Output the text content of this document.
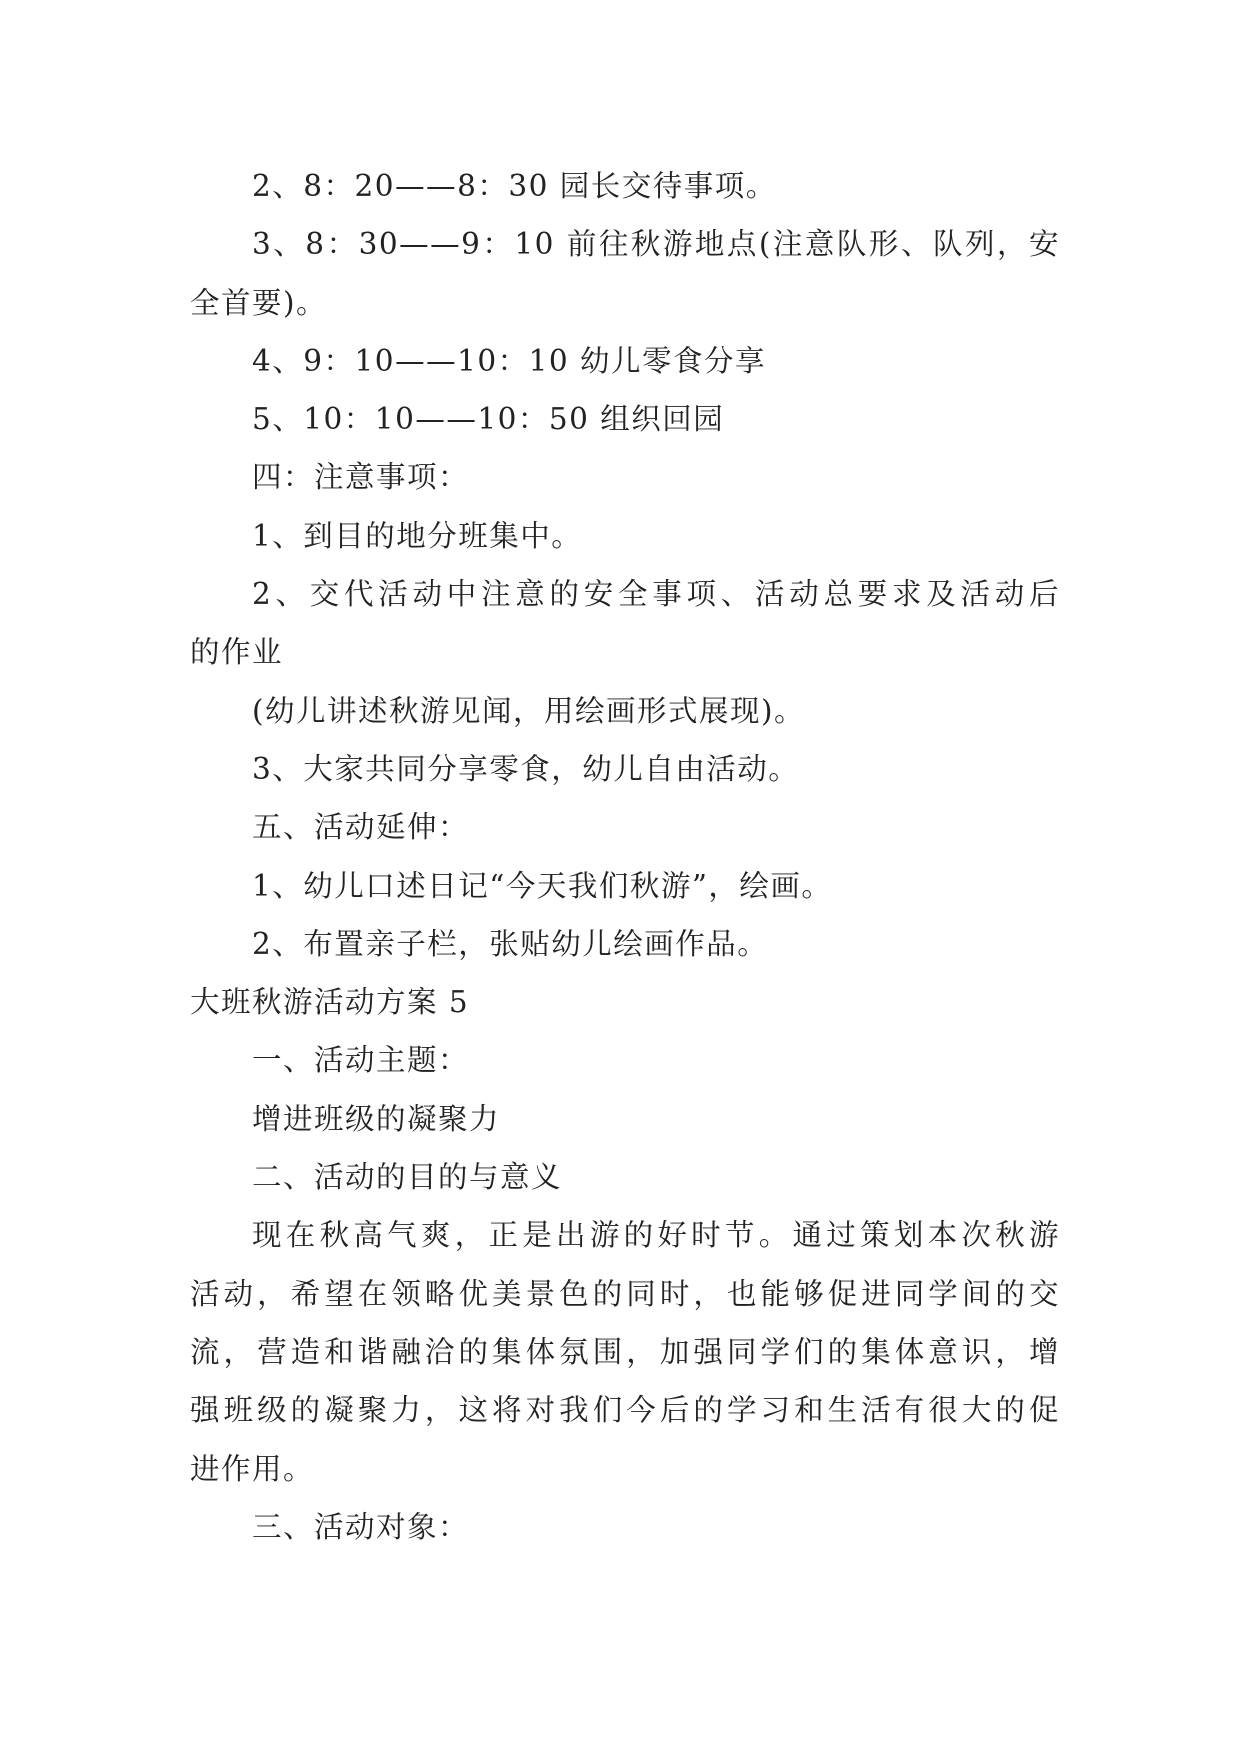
2、8：20——8：30 园长交待事项。
3、8：30——9：10 前往秋游地点(注意队形、队列，安
全首要)。
4、9：10——10：10 幼儿零食分享
5、10：10——10：50 组织回园
四：注意事项：
1、到目的地分班集中。
2、交代活动中注意的安全事项、活动总要求及活动后
的作业
(幼儿讲述秋游见闻，用绘画形式展现)。
3、大家共同分享零食，幼儿自由活动。
五、活动延伸：
1、幼儿口述日记“今天我们秋游”，绘画。
2、布置亲子栏，张贴幼儿绘画作品。
大班秋游活动方案 5
一、活动主题：
增进班级的凝聚力
二、活动的目的与意义
现在秋高气爽，正是出游的好时节。通过策划本次秋游
活动，希望在领略优美景色的同时，也能够促进同学间的交
流，营造和谐融洽的集体氛围，加强同学们的集体意识，增
强班级的凝聚力，这将对我们今后的学习和生活有很大的促
进作用。
三、活动对象：
